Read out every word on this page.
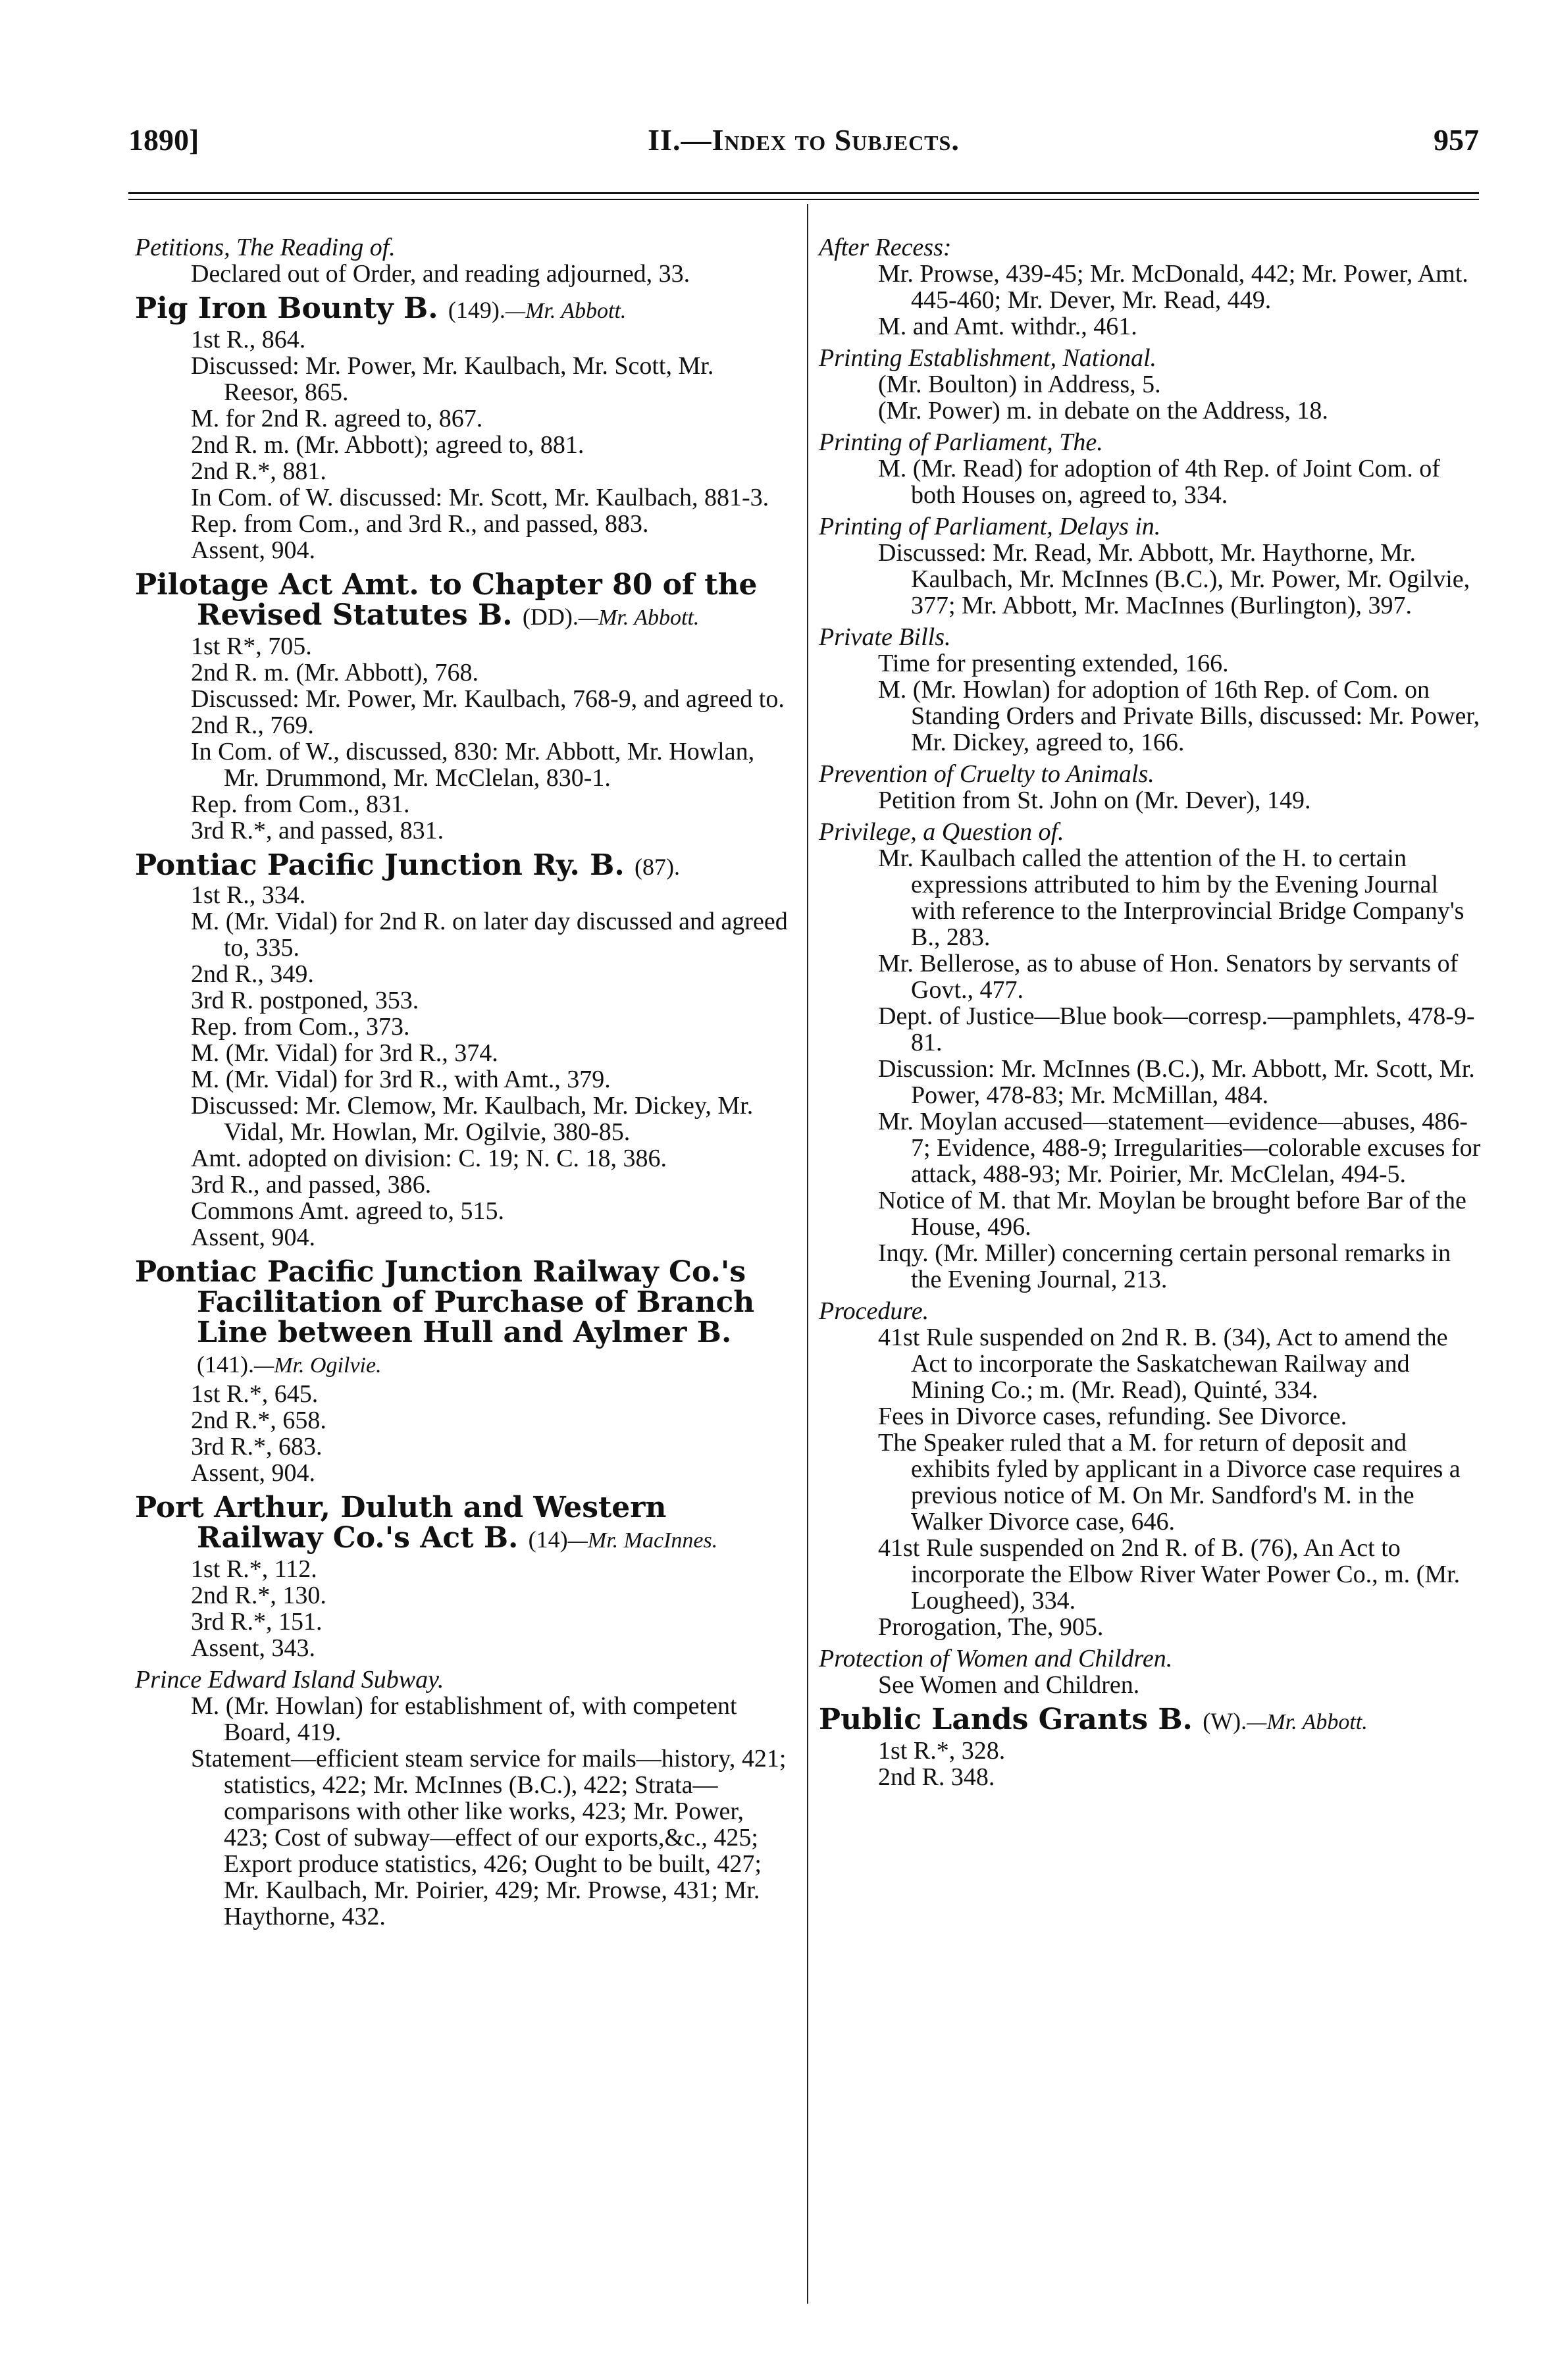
1890]	II.—Index to Subjects.	957
Petitions, The Reading of.
Declared out of Order, and reading adjourned, 33.
Pig Iron Bounty B. (149).—Mr. Abbott.
1st R., 864.
Discussed: Mr. Power, Mr. Kaulbach, Mr. Scott, Mr. Reesor, 865.
M. for 2nd R. agreed to, 867.
2nd R. m. (Mr. Abbott); agreed to, 881.
2nd R.*, 881.
In Com. of W. discussed: Mr. Scott, Mr. Kaulbach, 881-3.
Rep. from Com., and 3rd R., and passed, 883.
Assent, 904.
Pilotage Act Amt. to Chapter 80 of the Revised Statutes B. (DD).—Mr. Abbott.
1st R*, 705.
2nd R. m. (Mr. Abbott), 768.
Discussed: Mr. Power, Mr. Kaulbach, 768-9, and agreed to.
2nd R., 769.
In Com. of W., discussed, 830: Mr. Abbott, Mr. Howlan, Mr. Drummond, Mr. McClelan, 830-1.
Rep. from Com., 831.
3rd R.*, and passed, 831.
Pontiac Pacific Junction Ry. B. (87).
1st R., 334.
M. (Mr. Vidal) for 2nd R. on later day discussed and agreed to, 335.
2nd R., 349.
3rd R. postponed, 353.
Rep. from Com., 373.
M. (Mr. Vidal) for 3rd R., 374.
M. (Mr. Vidal) for 3rd R., with Amt., 379.
Discussed: Mr. Clemow, Mr. Kaulbach, Mr. Dickey, Mr. Vidal, Mr. Howlan, Mr. Ogilvie, 380-85.
Amt. adopted on division: C. 19; N. C. 18, 386.
3rd R., and passed, 386.
Commons Amt. agreed to, 515.
Assent, 904.
Pontiac Pacific Junction Railway Co.'s Facilitation of Purchase of Branch Line between Hull and Aylmer B. (141).—Mr. Ogilvie.
1st R.*, 645.
2nd R.*, 658.
3rd R.*, 683.
Assent, 904.
Port Arthur, Duluth and Western Railway Co.'s Act B. (14)—Mr. MacInnes.
1st R.*, 112.
2nd R.*, 130.
3rd R.*, 151.
Assent, 343.
Prince Edward Island Subway.
M. (Mr. Howlan) for establishment of, with competent Board, 419.
Statement—efficient steam service for mails—history, 421; statistics, 422; Mr. McInnes (B.C.), 422; Strata—comparisons with other like works, 423; Mr. Power, 423; Cost of subway—effect of our exports,&c., 425; Export produce statistics, 426; Ought to be built, 427; Mr. Kaulbach, Mr. Poirier, 429; Mr. Prowse, 431; Mr. Haythorne, 432.
After Recess:
Mr. Prowse, 439-45; Mr. McDonald, 442; Mr. Power, Amt. 445-460; Mr. Dever, Mr. Read, 449.
M. and Amt. withdr., 461.
Printing Establishment, National.
(Mr. Boulton) in Address, 5.
(Mr. Power) m. in debate on the Address, 18.
Printing of Parliament, The.
M. (Mr. Read) for adoption of 4th Rep. of Joint Com. of both Houses on, agreed to, 334.
Printing of Parliament, Delays in.
Discussed: Mr. Read, Mr. Abbott, Mr. Haythorne, Mr. Kaulbach, Mr. McInnes (B.C.), Mr. Power, Mr. Ogilvie, 377; Mr. Abbott, Mr. MacInnes (Burlington), 397.
Private Bills.
Time for presenting extended, 166.
M. (Mr. Howlan) for adoption of 16th Rep. of Com. on Standing Orders and Private Bills, discussed: Mr. Power, Mr. Dickey, agreed to, 166.
Prevention of Cruelty to Animals.
Petition from St. John on (Mr. Dever), 149.
Privilege, a Question of.
Mr. Kaulbach called the attention of the H. to certain expressions attributed to him by the Evening Journal with reference to the Interprovincial Bridge Company's B., 283.
Mr. Bellerose, as to abuse of Hon. Senators by servants of Govt., 477.
Dept. of Justice—Blue book—corresp.—pamphlets, 478-9-81.
Discussion: Mr. McInnes (B.C.), Mr. Abbott, Mr. Scott, Mr. Power, 478-83; Mr. McMillan, 484.
Mr. Moylan accused—statement—evidence—abuses, 486-7; Evidence, 488-9; Irregularities—colorable excuses for attack, 488-93; Mr. Poirier, Mr. McClelan, 494-5.
Notice of M. that Mr. Moylan be brought before Bar of the House, 496.
Inqy. (Mr. Miller) concerning certain personal remarks in the Evening Journal, 213.
Procedure.
41st Rule suspended on 2nd R. B. (34), Act to amend the Act to incorporate the Saskatchewan Railway and Mining Co.; m. (Mr. Read), Quinté, 334.
Fees in Divorce cases, refunding. See Divorce.
The Speaker ruled that a M. for return of deposit and exhibits fyled by applicant in a Divorce case requires a previous notice of M. On Mr. Sandford's M. in the Walker Divorce case, 646.
41st Rule suspended on 2nd R. of B. (76), An Act to incorporate the Elbow River Water Power Co., m. (Mr. Lougheed), 334.
Prorogation, The, 905.
Protection of Women and Children.
See Women and Children.
Public Lands Grants B. (W).—Mr. Abbott.
1st R.*, 328.
2nd R. 348.
